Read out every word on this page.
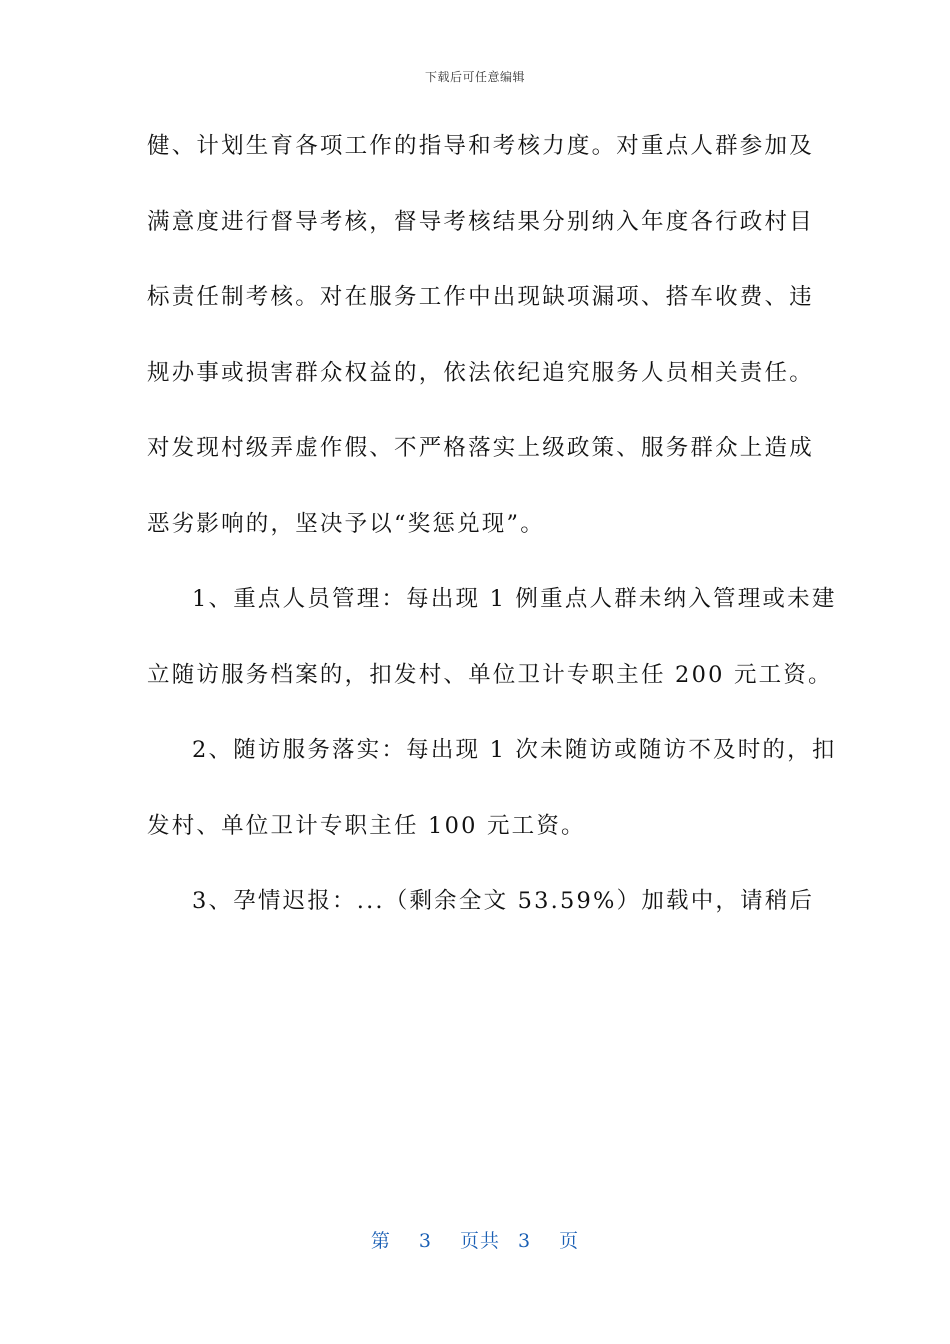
下载后可任意编辑
健、计划生育各项工作的指导和考核力度。对重点人群参加及
满意度进行督导考核，督导考核结果分别纳入年度各行政村目
标责任制考核。对在服务工作中出现缺项漏项、搭车收费、违
规办事或损害群众权益的，依法依纪追究服务人员相关责任。
对发现村级弄虚作假、不严格落实上级政策、服务群众上造成
恶劣影响的，坚决予以“奖惩兑现”。
1、重点人员管理：每出现 1 例重点人群未纳入管理或未建
立随访服务档案的，扣发村、单位卫计专职主任 200 元工资。
2、随访服务落实：每出现 1 次未随访或随访不及时的，扣
发村、单位卫计专职主任 100 元工资。
3、孕情迟报：...（剩余全文 53.59%）加载中，请稍后
第 3 页共 3 页
